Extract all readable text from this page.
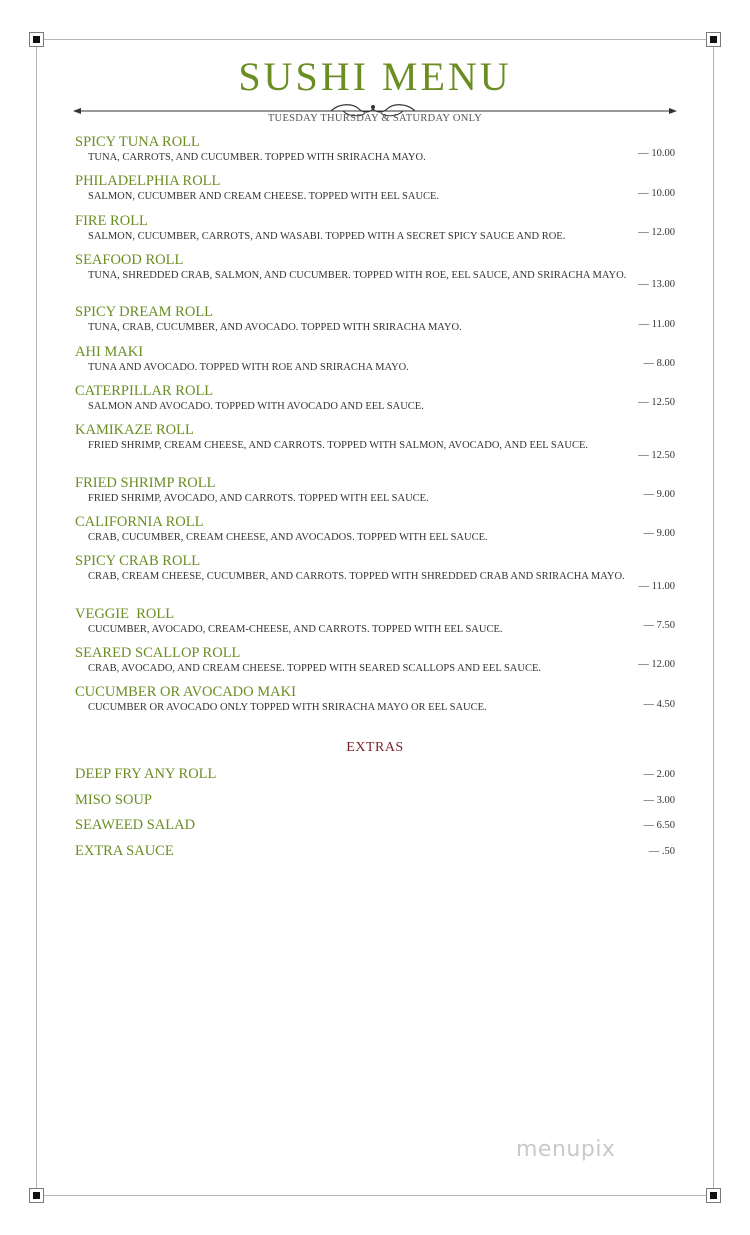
SUSHI MENU
TUESDAY THURSDAY & SATURDAY ONLY
SPICY TUNA ROLL
TUNA, CARROTS, AND CUCUMBER. TOPPED WITH SRIRACHA MAYO.	— 10.00
PHILADELPHIA ROLL
SALMON, CUCUMBER AND CREAM CHEESE. TOPPED WITH EEL SAUCE.	— 10.00
FIRE ROLL
SALMON, CUCUMBER, CARROTS, AND WASABI. TOPPED WITH A SECRET SPICY SAUCE AND ROE.	— 12.00
SEAFOOD ROLL
TUNA, SHREDDED CRAB, SALMON, AND CUCUMBER. TOPPED WITH ROE, EEL SAUCE, AND SRIRACHA MAYO.
— 13.00
SPICY DREAM ROLL
TUNA, CRAB, CUCUMBER, AND AVOCADO. TOPPED WITH SRIRACHA MAYO.	— 11.00
AHI MAKI
TUNA AND AVOCADO. TOPPED WITH ROE AND SRIRACHA MAYO.	— 8.00
CATERPILLAR ROLL
SALMON AND AVOCADO. TOPPED WITH AVOCADO AND EEL SAUCE.	— 12.50
KAMIKAZE ROLL
FRIED SHRIMP, CREAM CHEESE, AND CARROTS. TOPPED WITH SALMON, AVOCADO, AND EEL SAUCE.
— 12.50
FRIED SHRIMP ROLL
FRIED SHRIMP, AVOCADO, AND CARROTS. TOPPED WITH EEL SAUCE.	— 9.00
CALIFORNIA ROLL
CRAB, CUCUMBER, CREAM CHEESE, AND AVOCADOS. TOPPED WITH EEL SAUCE.	— 9.00
SPICY CRAB ROLL
CRAB, CREAM CHEESE, CUCUMBER, AND CARROTS. TOPPED WITH SHREDDED CRAB AND SRIRACHA MAYO.
— 11.00
VEGGIE  ROLL
CUCUMBER, AVOCADO, CREAM-CHEESE, AND CARROTS. TOPPED WITH EEL SAUCE.	— 7.50
SEARED SCALLOP ROLL
CRAB, AVOCADO, AND CREAM CHEESE. TOPPED WITH SEARED SCALLOPS AND EEL SAUCE.	— 12.00
CUCUMBER OR AVOCADO MAKI
CUCUMBER OR AVOCADO ONLY TOPPED WITH SRIRACHA MAYO OR EEL SAUCE.	— 4.50
EXTRAS
DEEP FRY ANY ROLL	— 2.00
MISO SOUP	— 3.00
SEAWEED SALAD	— 6.50
EXTRA SAUCE	— .50
menupix
